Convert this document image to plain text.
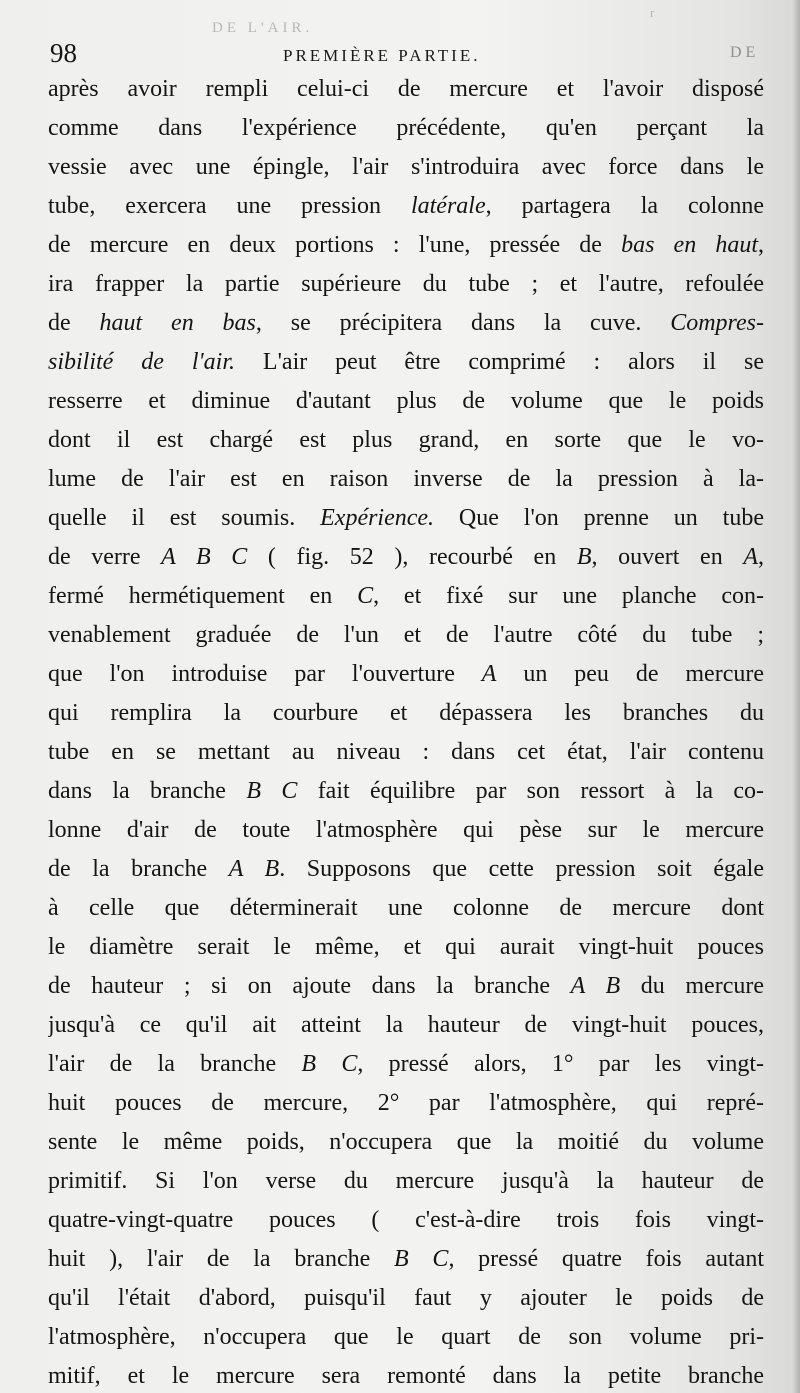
DE L'AIR.
r
98	PREMIÈRE PARTIE.	DE
après avoir rempli celui-ci de mercure et l'avoir disposé
comme dans l'expérience précédente, qu'en perçant la
vessie avec une épingle, l'air s'introduira avec force dans le
tube, exercera une pression latérale, partagera la colonne
de mercure en deux portions : l'une, pressée de bas en haut,
ira frapper la partie supérieure du tube ; et l'autre, refoulée
de haut en bas, se précipitera dans la cuve. Compres-
sibilité de l'air. L'air peut être comprimé : alors il se
resserre et diminue d'autant plus de volume que le poids
dont il est chargé est plus grand, en sorte que le vo-
lume de l'air est en raison inverse de la pression à la-
quelle il est soumis. Expérience. Que l'on prenne un tube
de verre A B C ( fig. 52 ), recourbé en B, ouvert en A,
fermé hermétiquement en C, et fixé sur une planche con-
venablement graduée de l'un et de l'autre côté du tube ;
que l'on introduise par l'ouverture A un peu de mercure
qui remplira la courbure et dépassera les branches du
tube en se mettant au niveau : dans cet état, l'air contenu
dans la branche B C fait équilibre par son ressort à la co-
lonne d'air de toute l'atmosphère qui pèse sur le mercure
de la branche A B. Supposons que cette pression soit égale
à celle que déterminerait une colonne de mercure dont
le diamètre serait le même, et qui aurait vingt-huit pouces
de hauteur ; si on ajoute dans la branche A B du mercure
jusqu'à ce qu'il ait atteint la hauteur de vingt-huit pouces,
l'air de la branche B C, pressé alors, 1° par les vingt-
huit pouces de mercure, 2° par l'atmosphère, qui repré-
sente le même poids, n'occupera que la moitié du volume
primitif. Si l'on verse du mercure jusqu'à la hauteur de
quatre-vingt-quatre pouces ( c'est-à-dire trois fois vingt-
huit ), l'air de la branche B C, pressé quatre fois autant
qu'il l'était d'abord, puisqu'il faut y ajouter le poids de
l'atmosphère, n'occupera que le quart de son volume pri-
mitif, et le mercure sera remonté dans la petite branche
